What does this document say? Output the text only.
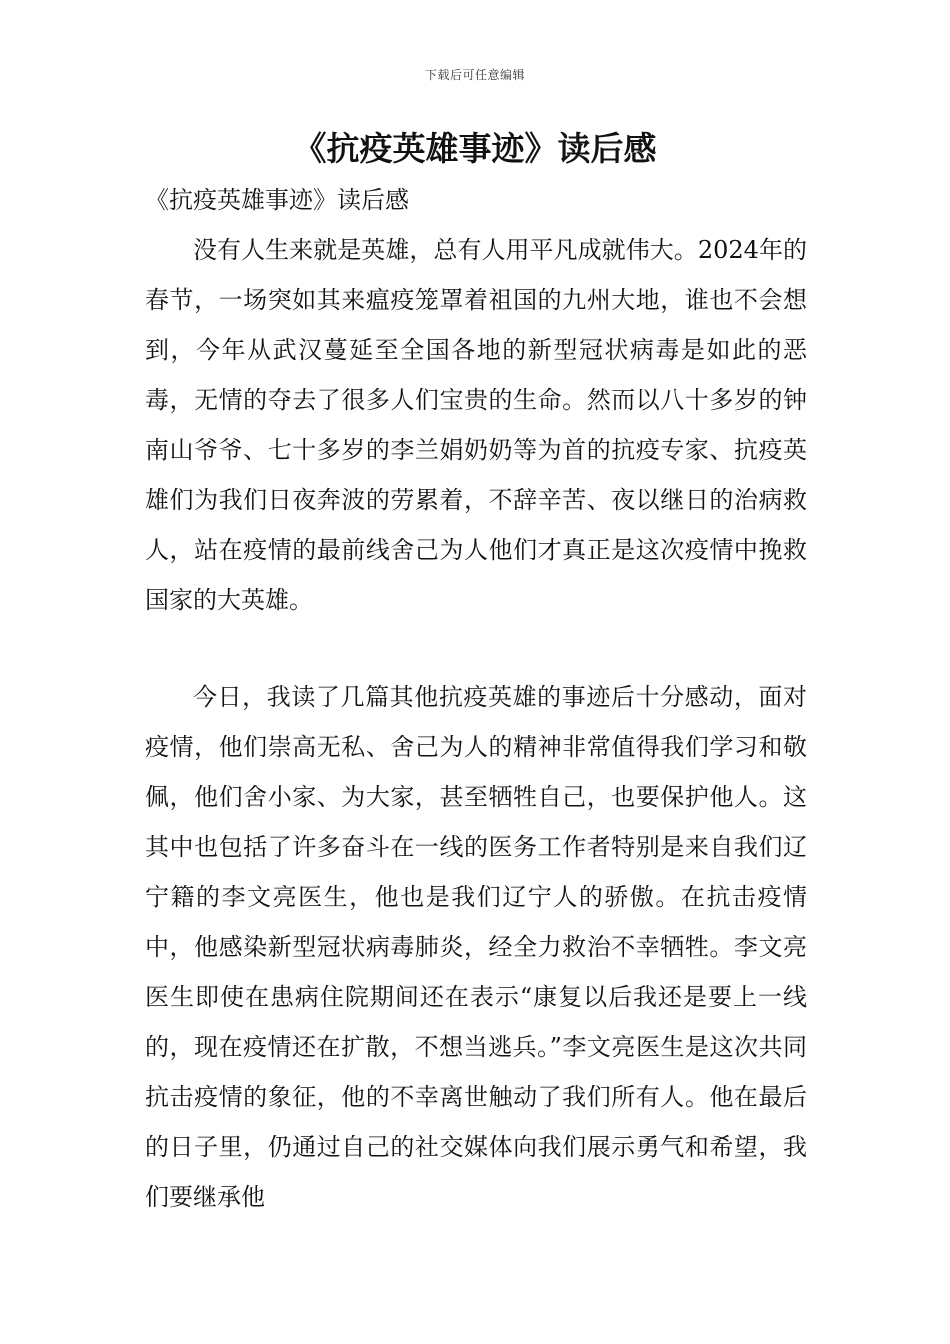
下载后可任意编辑
《抗疫英雄事迹》读后感

《抗疫英雄事迹》读后感

没有人生来就是英雄，总有人用平凡成就伟大。2024年的春节，一场突如其来瘟疫笼罩着祖国的九州大地，谁也不会想到，今年从武汉蔓延至全国各地的新型冠状病毒是如此的恶毒，无情的夺去了很多人们宝贵的生命。然而以八十多岁的钟南山爷爷、七十多岁的李兰娟奶奶等为首的抗疫专家、抗疫英雄们为我们日夜奔波的劳累着，不辞辛苦、夜以继日的治病救人，站在疫情的最前线舍己为人他们才真正是这次疫情中挽救国家的大英雄。

今日，我读了几篇其他抗疫英雄的事迹后十分感动，面对疫情，他们崇高无私、舍己为人的精神非常值得我们学习和敬佩，他们舍小家、为大家，甚至牺牲自己，也要保护他人。这其中也包括了许多奋斗在一线的医务工作者特别是来自我们辽宁籍的李文亮医生，他也是我们辽宁人的骄傲。在抗击疫情中，他感染新型冠状病毒肺炎，经全力救治不幸牺牲。李文亮医生即使在患病住院期间还在表示“康复以后我还是要上一线的，现在疫情还在扩散，不想当逃兵。”李文亮医生是这次共同抗击疫情的象征，他的不幸离世触动了我们所有人。他在最后的日子里，仍通过自己的社交媒体向我们展示勇气和希望，我们要继承他
